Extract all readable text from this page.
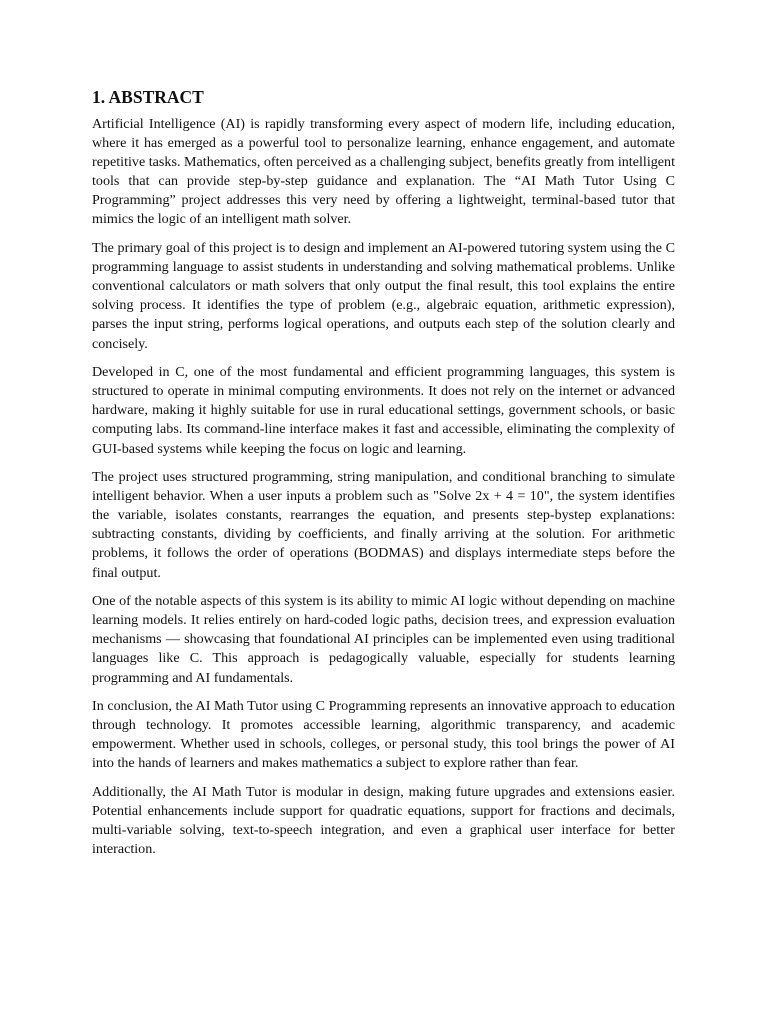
1. ABSTRACT

Artificial Intelligence (AI) is rapidly transforming every aspect of modern life, including education, where it has emerged as a powerful tool to personalize learning, enhance engagement, and automate repetitive tasks. Mathematics, often perceived as a challenging subject, benefits greatly from intelligent tools that can provide step-by-step guidance and explanation. The “AI Math Tutor Using C Programming” project addresses this very need by offering a lightweight, terminal-based tutor that mimics the logic of an intelligent math solver.

The primary goal of this project is to design and implement an AI-powered tutoring system using the C programming language to assist students in understanding and solving mathematical problems. Unlike conventional calculators or math solvers that only output the final result, this tool explains the entire solving process. It identifies the type of problem (e.g., algebraic equation, arithmetic expression), parses the input string, performs logical operations, and outputs each step of the solution clearly and concisely.

Developed in C, one of the most fundamental and efficient programming languages, this system is structured to operate in minimal computing environments. It does not rely on the internet or advanced hardware, making it highly suitable for use in rural educational settings, government schools, or basic computing labs. Its command-line interface makes it fast and accessible, eliminating the complexity of GUI-based systems while keeping the focus on logic and learning.

The project uses structured programming, string manipulation, and conditional branching to simulate intelligent behavior. When a user inputs a problem such as "Solve 2x + 4 = 10", the system identifies the variable, isolates constants, rearranges the equation, and presents step-bystep explanations: subtracting constants, dividing by coefficients, and finally arriving at the solution. For arithmetic problems, it follows the order of operations (BODMAS) and displays intermediate steps before the final output.

One of the notable aspects of this system is its ability to mimic AI logic without depending on machine learning models. It relies entirely on hard-coded logic paths, decision trees, and expression evaluation mechanisms — showcasing that foundational AI principles can be implemented even using traditional languages like C. This approach is pedagogically valuable, especially for students learning programming and AI fundamentals.

In conclusion, the AI Math Tutor using C Programming represents an innovative approach to education through technology. It promotes accessible learning, algorithmic transparency, and academic empowerment. Whether used in schools, colleges, or personal study, this tool brings the power of AI into the hands of learners and makes mathematics a subject to explore rather than fear.

Additionally, the AI Math Tutor is modular in design, making future upgrades and extensions easier. Potential enhancements include support for quadratic equations, support for fractions and decimals, multi-variable solving, text-to-speech integration, and even a graphical user interface for better interaction.
